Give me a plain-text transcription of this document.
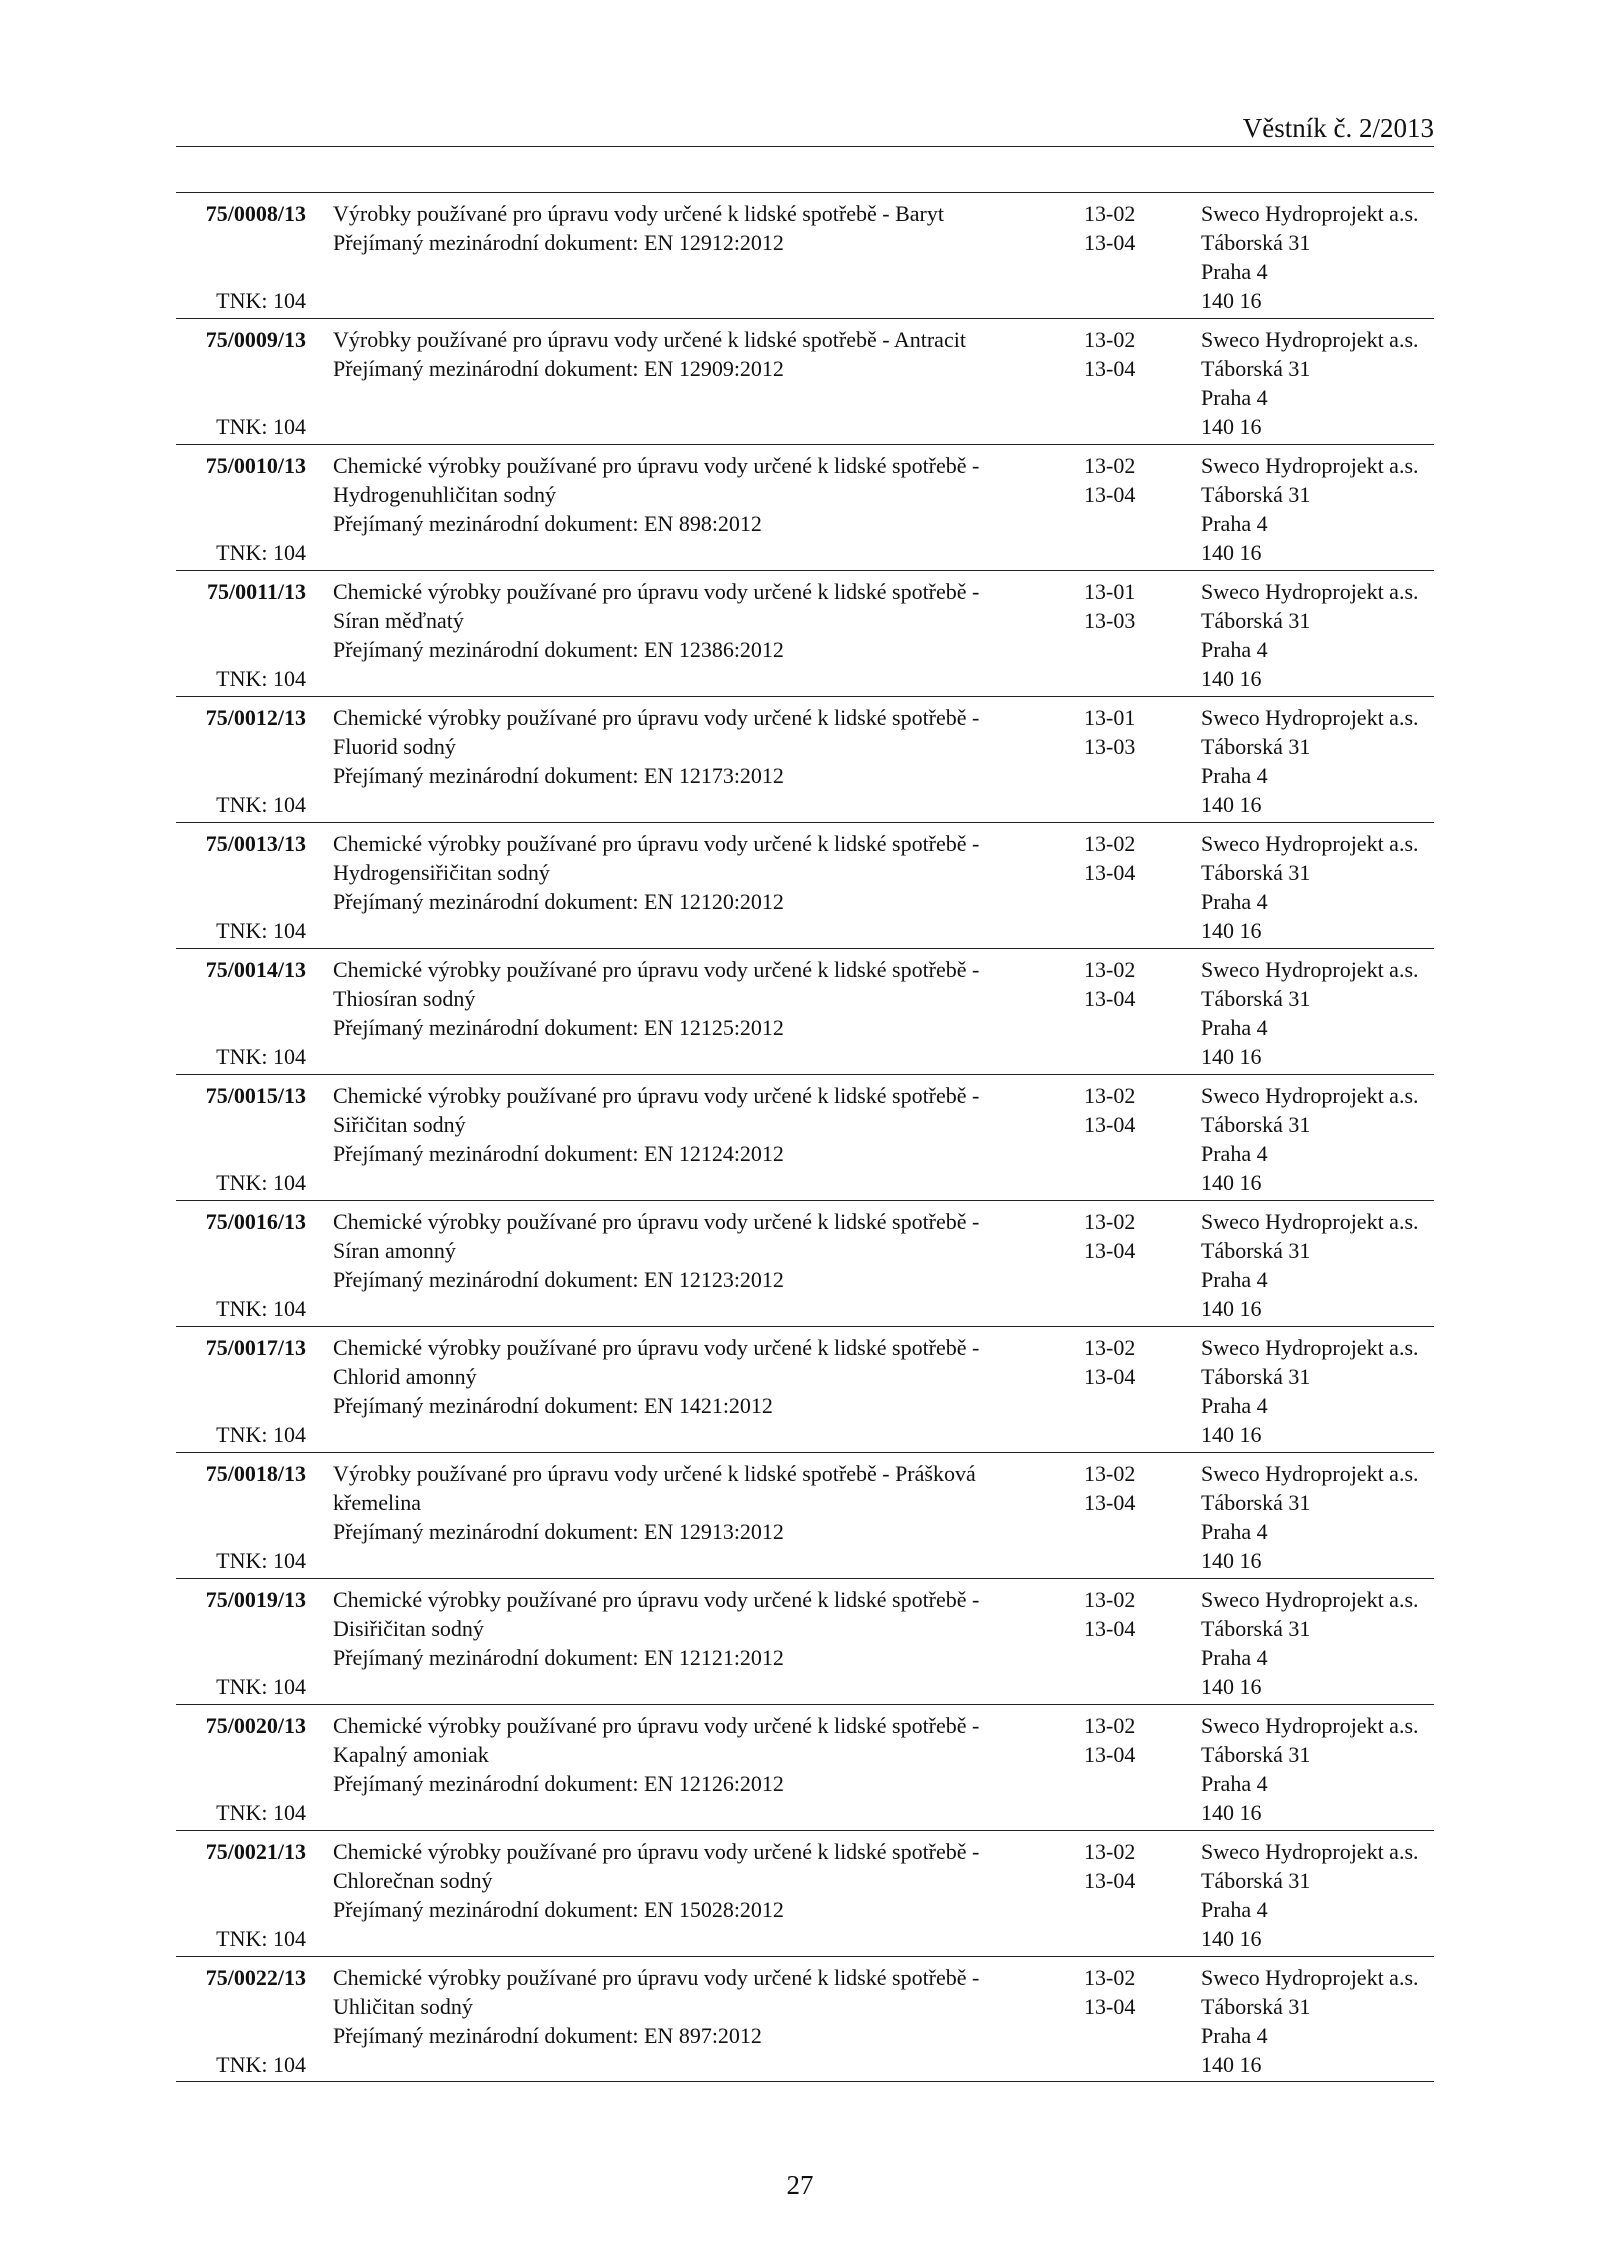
Věstník č. 2/2013
75/0008/13
TNK: 104
Výrobky používané pro úpravu vody určené k lidské spotřebě - Baryt
Přejímaný mezinárodní dokument: EN 12912:2012
13-02
13-04
Sweco Hydroprojekt a.s.
Táborská 31
Praha 4
140 16
75/0009/13
TNK: 104
Výrobky používané pro úpravu vody určené k lidské spotřebě - Antracit
Přejímaný mezinárodní dokument: EN 12909:2012
13-02
13-04
Sweco Hydroprojekt a.s.
Táborská 31
Praha 4
140 16
75/0010/13
TNK: 104
Chemické výrobky používané pro úpravu vody určené k lidské spotřebě -
Hydrogenuhličitan sodný
Přejímaný mezinárodní dokument: EN 898:2012
13-02
13-04
Sweco Hydroprojekt a.s.
Táborská 31
Praha 4
140 16
75/0011/13
TNK: 104
Chemické výrobky používané pro úpravu vody určené k lidské spotřebě -
Síran měďnatý
Přejímaný mezinárodní dokument: EN 12386:2012
13-01
13-03
Sweco Hydroprojekt a.s.
Táborská 31
Praha 4
140 16
75/0012/13
TNK: 104
Chemické výrobky používané pro úpravu vody určené k lidské spotřebě -
Fluorid sodný
Přejímaný mezinárodní dokument: EN 12173:2012
13-01
13-03
Sweco Hydroprojekt a.s.
Táborská 31
Praha 4
140 16
75/0013/13
TNK: 104
Chemické výrobky používané pro úpravu vody určené k lidské spotřebě -
Hydrogensiřičitan sodný
Přejímaný mezinárodní dokument: EN 12120:2012
13-02
13-04
Sweco Hydroprojekt a.s.
Táborská 31
Praha 4
140 16
75/0014/13
TNK: 104
Chemické výrobky používané pro úpravu vody určené k lidské spotřebě -
Thiosíran sodný
Přejímaný mezinárodní dokument: EN 12125:2012
13-02
13-04
Sweco Hydroprojekt a.s.
Táborská 31
Praha 4
140 16
75/0015/13
TNK: 104
Chemické výrobky používané pro úpravu vody určené k lidské spotřebě -
Siřičitan sodný
Přejímaný mezinárodní dokument: EN 12124:2012
13-02
13-04
Sweco Hydroprojekt a.s.
Táborská 31
Praha 4
140 16
75/0016/13
TNK: 104
Chemické výrobky používané pro úpravu vody určené k lidské spotřebě -
Síran amonný
Přejímaný mezinárodní dokument: EN 12123:2012
13-02
13-04
Sweco Hydroprojekt a.s.
Táborská 31
Praha 4
140 16
75/0017/13
TNK: 104
Chemické výrobky používané pro úpravu vody určené k lidské spotřebě -
Chlorid amonný
Přejímaný mezinárodní dokument: EN 1421:2012
13-02
13-04
Sweco Hydroprojekt a.s.
Táborská 31
Praha 4
140 16
75/0018/13
TNK: 104
Výrobky používané pro úpravu vody určené k lidské spotřebě - Prášková
křemelina
Přejímaný mezinárodní dokument: EN 12913:2012
13-02
13-04
Sweco Hydroprojekt a.s.
Táborská 31
Praha 4
140 16
75/0019/13
TNK: 104
Chemické výrobky používané pro úpravu vody určené k lidské spotřebě -
Disiřičitan sodný
Přejímaný mezinárodní dokument: EN 12121:2012
13-02
13-04
Sweco Hydroprojekt a.s.
Táborská 31
Praha 4
140 16
75/0020/13
TNK: 104
Chemické výrobky používané pro úpravu vody určené k lidské spotřebě -
Kapalný amoniak
Přejímaný mezinárodní dokument: EN 12126:2012
13-02
13-04
Sweco Hydroprojekt a.s.
Táborská 31
Praha 4
140 16
75/0021/13
TNK: 104
Chemické výrobky používané pro úpravu vody určené k lidské spotřebě -
Chlorečnan sodný
Přejímaný mezinárodní dokument: EN 15028:2012
13-02
13-04
Sweco Hydroprojekt a.s.
Táborská 31
Praha 4
140 16
75/0022/13
TNK: 104
Chemické výrobky používané pro úpravu vody určené k lidské spotřebě -
Uhličitan sodný
Přejímaný mezinárodní dokument: EN 897:2012
13-02
13-04
Sweco Hydroprojekt a.s.
Táborská 31
Praha 4
140 16
27
